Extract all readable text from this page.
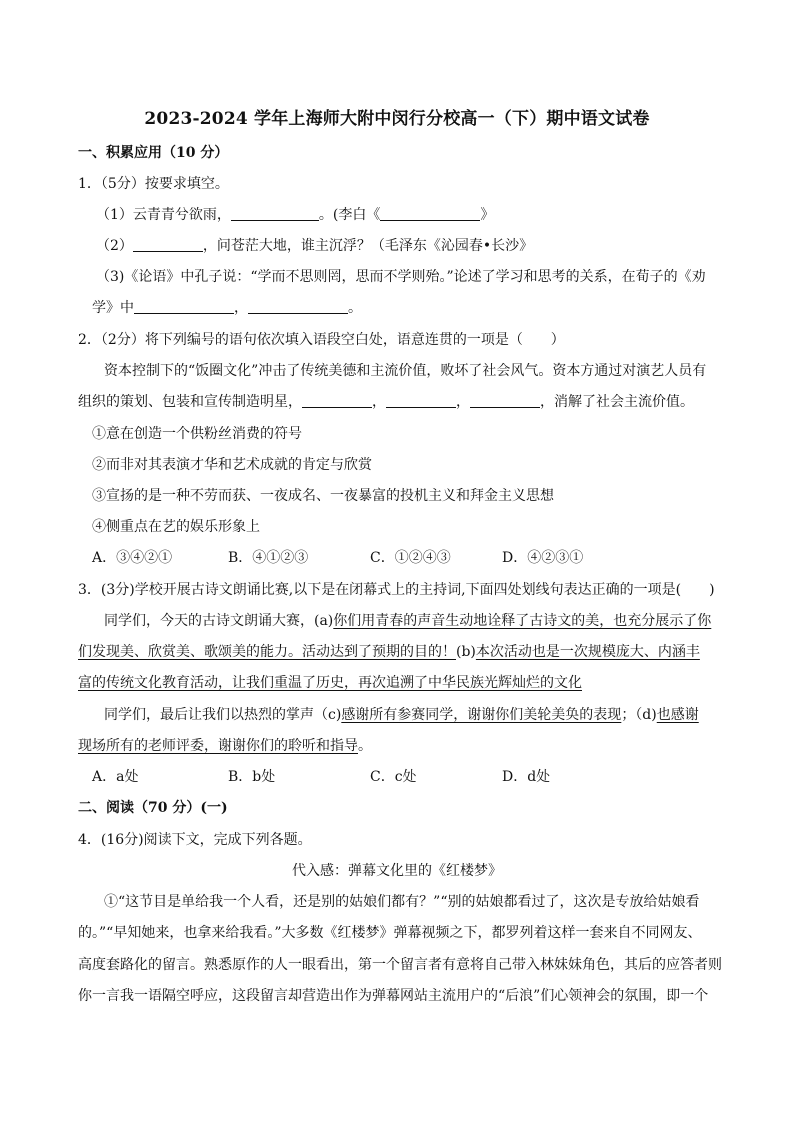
2023-2024 学年上海师大附中闵行分校高一（下）期中语文试卷
一、积累应用（10 分）
1．（5分）按要求填空。
（1）云青青兮欲雨，	。(李白《	》
（2）	，问苍茫大地，谁主沉浮？（毛泽东《沁园春•长沙》
（3)《论语》中孔子说：“学而不思则罔，思而不学则殆。”论述了学习和思考的关系，在荀子的《劝
学》中	，	。
2．（2分）将下列编号的语句依次填入语段空白处，语意连贯的一项是（　　）
资本控制下的“饭圈文化”冲击了传统美德和主流价值，败坏了社会风气。资本方通过对演艺人员有
组织的策划、包装和宣传制造明星，	，	，	，消解了社会主流价值。
①意在创造一个供粉丝消费的符号
②而非对其表演才华和艺术成就的肯定与欣赏
③宣扬的是一种不劳而获、一夜成名、一夜暴富的投机主义和拜金主义思想
④侧重点在艺的娱乐形象上
A．③④②①	B．④①②③	C．①②④③	D．④②③①
3．(3分)学校开展古诗文朗诵比赛,以下是在闭幕式上的主持词,下面四处划线句表达正确的一项是(　　)
同学们，今天的古诗文朗诵大赛，(a)你们用青春的声音生动地诠释了古诗文的美，也充分展示了你
们发现美、欣赏美、歌颂美的能力。活动达到了预期的目的！(b)本次活动也是一次规模庞大、内涵丰
富的传统文化教育活动，让我们重温了历史，再次追溯了中华民族光辉灿烂的文化
同学们，最后让我们以热烈的掌声（c)感谢所有参赛同学，谢谢你们美轮美奂的表现；（d)也感谢
现场所有的老师评委，谢谢你们的聆听和指导。
A．a处	B．b处	C．c处	D．d处
二、阅读（70 分）(一)
4．(16分)阅读下文，完成下列各题。
代入感：弹幕文化里的《红楼梦》
①“这节目是单给我一个人看，还是别的姑娘们都有？”“别的姑娘都看过了，这次是专放给姑娘看
的。”“早知她来，也拿来给我看。”大多数《红楼梦》弹幕视频之下，都罗列着这样一套来自不同网友、
高度套路化的留言。熟悉原作的人一眼看出，第一个留言者有意将自己带入林妹妹角色，其后的应答者则
你一言我一语隔空呼应，这段留言却营造出作为弹幕网站主流用户的“后浪”们心领神会的氛围，即一个
